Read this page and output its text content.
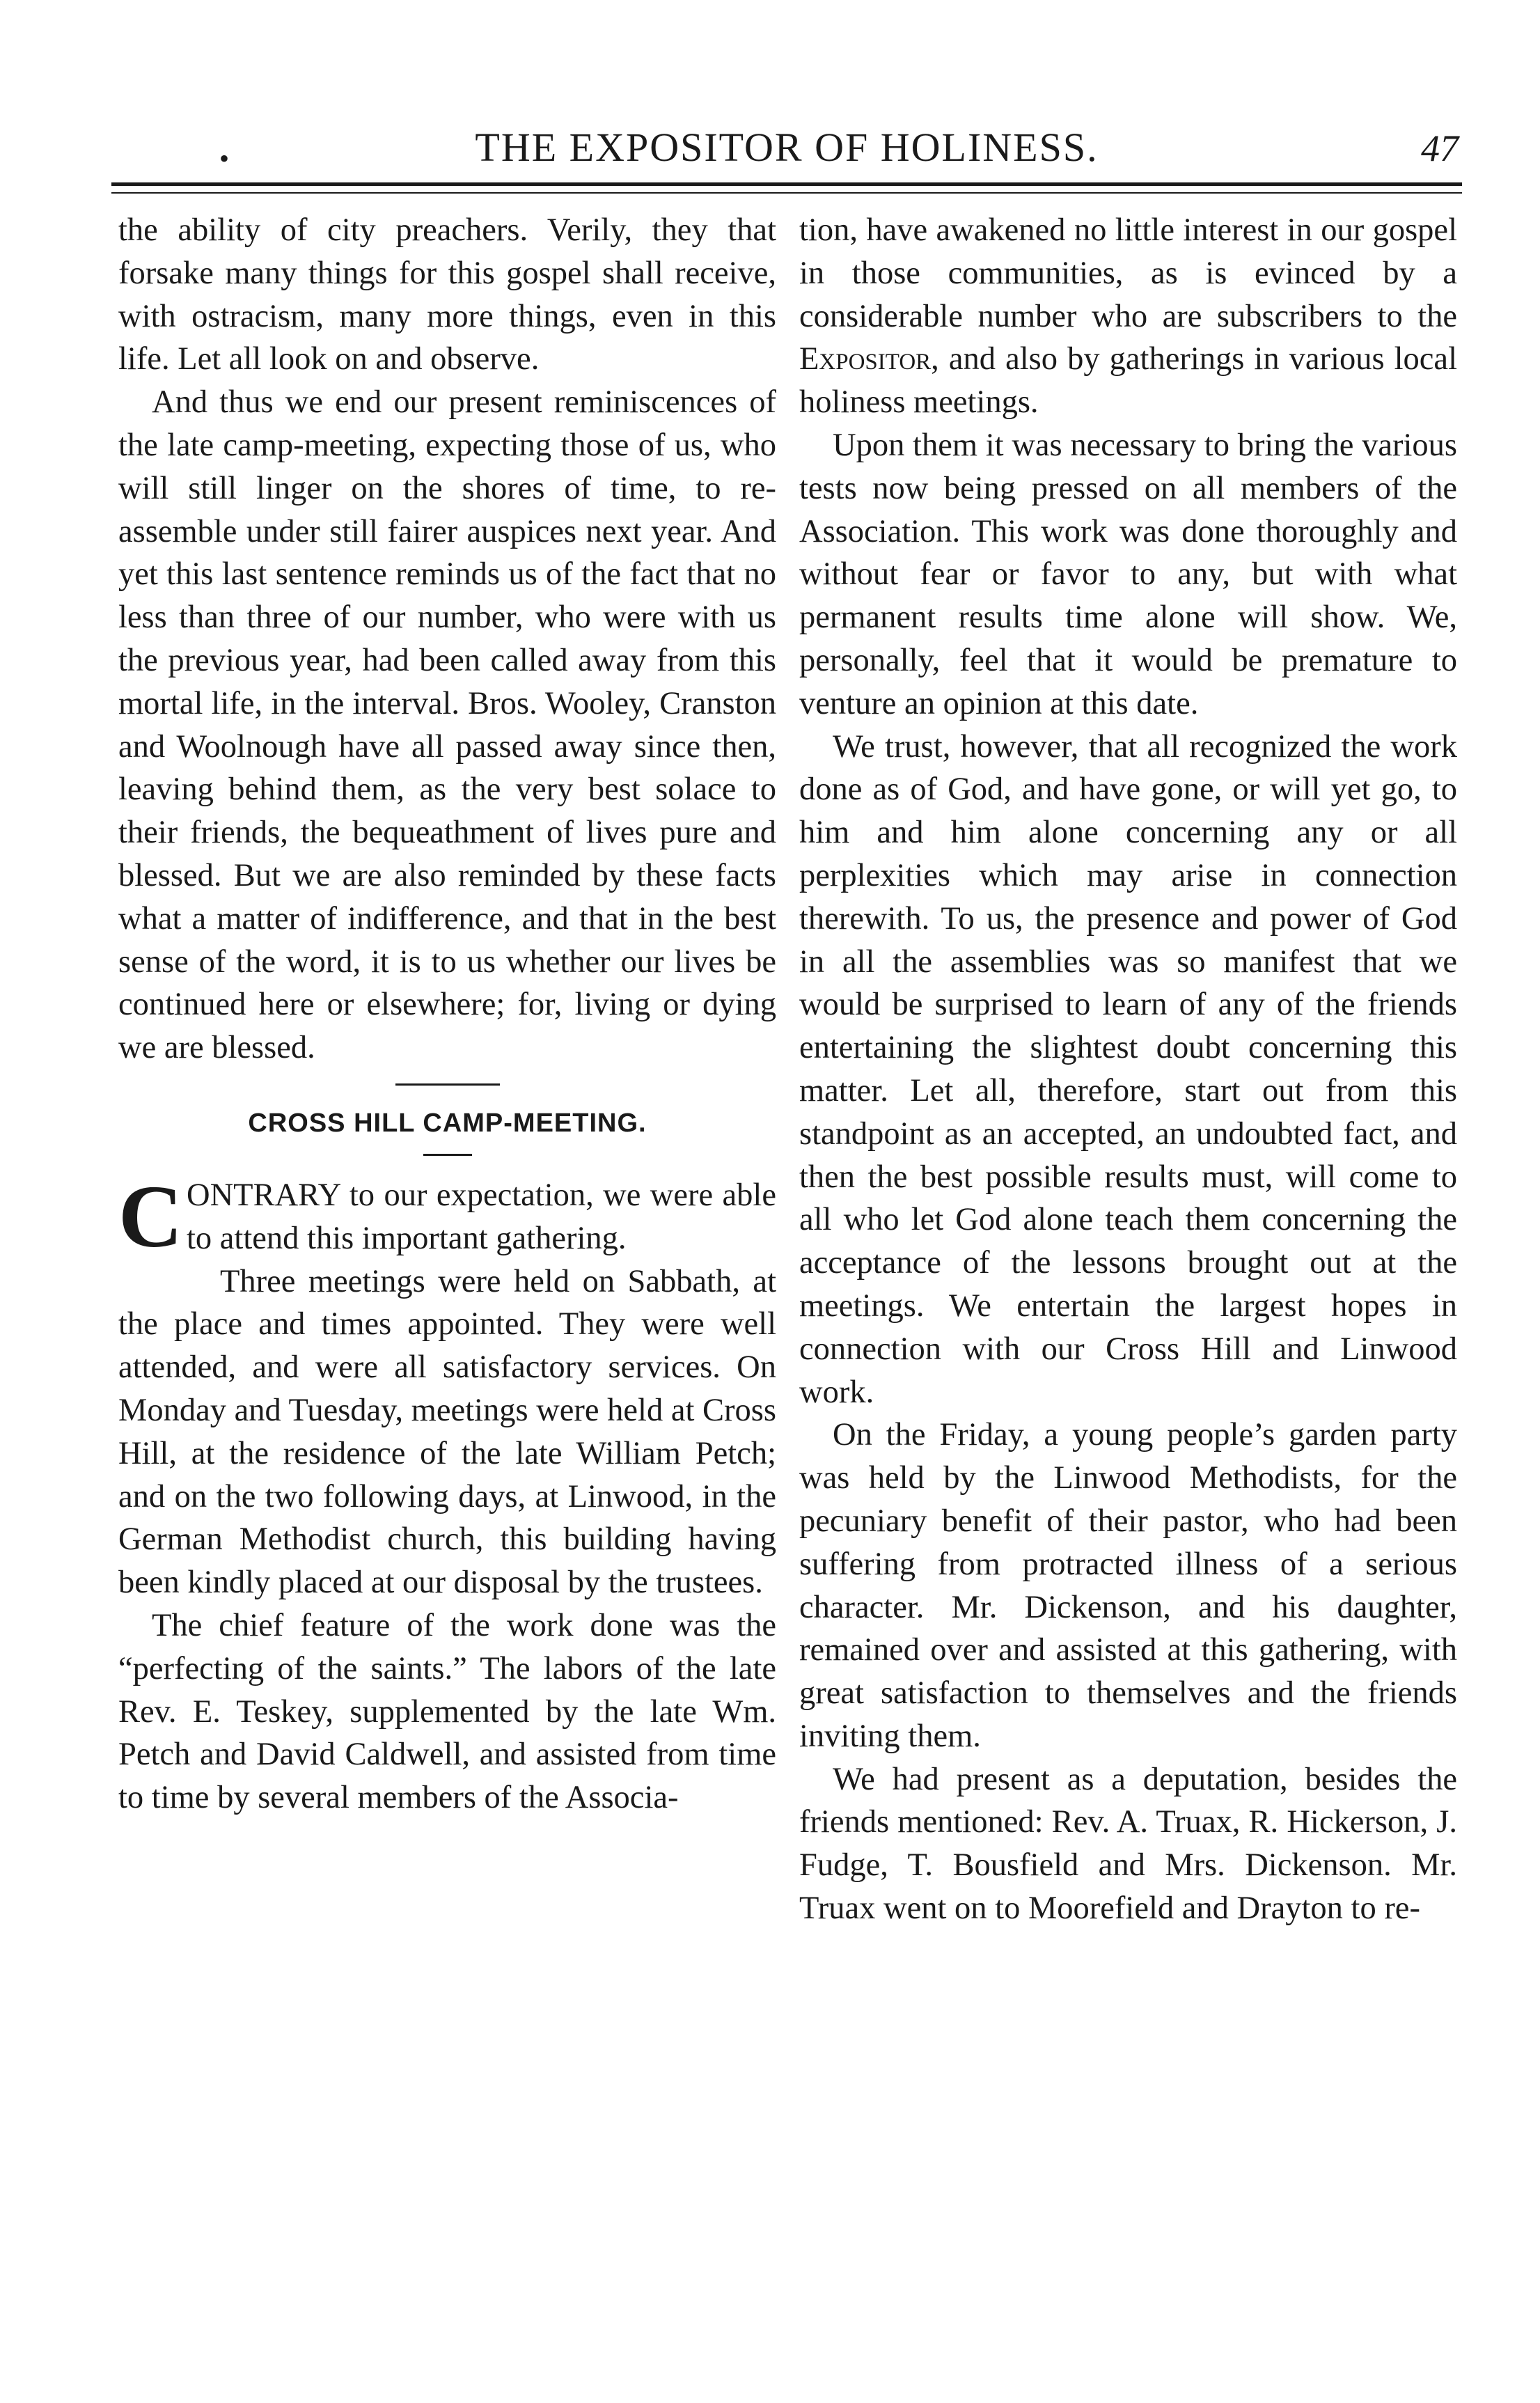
•	THE EXPOSITOR OF HOLINESS.	47

the ability of city preachers. Verily, they that forsake many things for this gospel shall receive, with ostracism, many more things, even in this life. Let all look on and observe.

And thus we end our present reminiscences of the late camp-meeting, expecting those of us, who will still linger on the shores of time, to re-assemble under still fairer auspices next year. And yet this last sentence reminds us of the fact that no less than three of our number, who were with us the previous year, had been called away from this mortal life, in the interval. Bros. Wooley, Cranston and Woolnough have all passed away since then, leaving behind them, as the very best solace to their friends, the bequeathment of lives pure and blessed. But we are also reminded by these facts what a matter of indifference, and that in the best sense of the word, it is to us whether our lives be continued here or elsewhere; for, living or dying we are blessed.

CROSS HILL CAMP-MEETING.

CONTRARY to our expectation, we were able to attend this important gathering.

Three meetings were held on Sabbath, at the place and times appointed. They were well attended, and were all satisfactory services. On Monday and Tuesday, meetings were held at Cross Hill, at the residence of the late William Petch; and on the two following days, at Linwood, in the German Methodist church, this building having been kindly placed at our disposal by the trustees.

The chief feature of the work done was the “perfecting of the saints.” The labors of the late Rev. E. Teskey, supplemented by the late Wm. Petch and David Caldwell, and assisted from time to time by several members of the Associa-

tion, have awakened no little interest in our gospel in those communities, as is evinced by a considerable number who are subscribers to the Expositor, and also by gatherings in various local holiness meetings.

Upon them it was necessary to bring the various tests now being pressed on all members of the Association. This work was done thoroughly and without fear or favor to any, but with what permanent results time alone will show. We, personally, feel that it would be premature to venture an opinion at this date.

We trust, however, that all recognized the work done as of God, and have gone, or will yet go, to him and him alone concerning any or all perplexities which may arise in connection therewith. To us, the presence and power of God in all the assemblies was so manifest that we would be surprised to learn of any of the friends entertaining the slightest doubt concerning this matter. Let all, therefore, start out from this standpoint as an accepted, an undoubted fact, and then the best possible results must, will come to all who let God alone teach them concerning the acceptance of the lessons brought out at the meetings. We entertain the largest hopes in connection with our Cross Hill and Linwood work.

On the Friday, a young people’s garden party was held by the Linwood Methodists, for the pecuniary benefit of their pastor, who had been suffering from protracted illness of a serious character. Mr. Dickenson, and his daughter, remained over and assisted at this gathering, with great satisfaction to themselves and the friends inviting them.

We had present as a deputation, besides the friends mentioned: Rev. A. Truax, R. Hickerson, J. Fudge, T. Bousfield and Mrs. Dickenson. Mr. Truax went on to Moorefield and Drayton to re-
